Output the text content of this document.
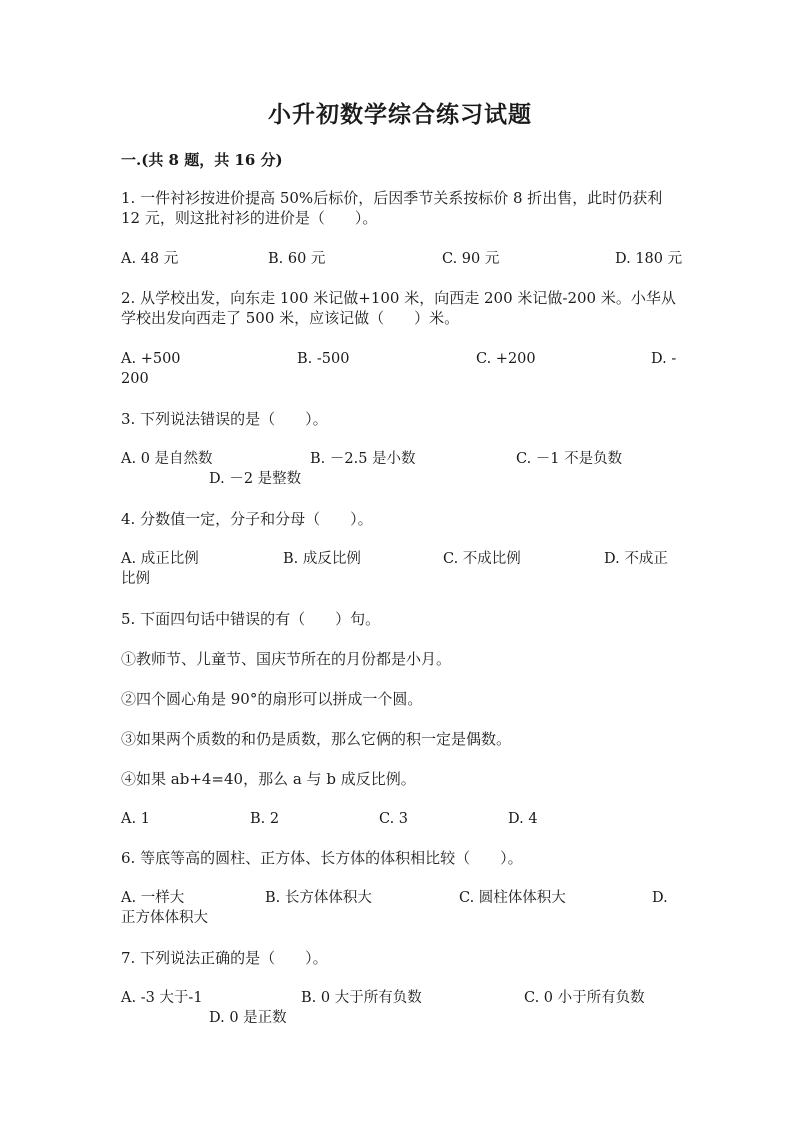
小升初数学综合练习试题
一.(共 8 题，共 16 分)
1. 一件衬衫按进价提高 50%后标价，后因季节关系按标价 8 折出售，此时仍获利 12 元，则这批衬衫的进价是（　　）。
A. 48 元	B. 60 元	C. 90 元	D. 180 元
2. 从学校出发，向东走 100 米记做+100 米，向西走 200 米记做-200 米。小华从学校出发向西走了 500 米，应该记做（　　）米。
A. +500	B. -500	C. +200	D. -
200
3. 下列说法错误的是（　　）。
A. 0 是自然数	B. －2.5 是小数	C. －1 不是负数
D. －2 是整数
4. 分数值一定，分子和分母（　　）。
A. 成正比例	B. 成反比例	C. 不成比例	D. 不成正
比例
5. 下面四句话中错误的有（　　）句。
①教师节、儿童节、国庆节所在的月份都是小月。
②四个圆心角是 90°的扇形可以拼成一个圆。
③如果两个质数的和仍是质数，那么它俩的积一定是偶数。
④如果 ab+4=40，那么 a 与 b 成反比例。
A. 1	B. 2	C. 3	D. 4
6. 等底等高的圆柱、正方体、长方体的体积相比较（　　）。
A. 一样大	B. 长方体体积大	C. 圆柱体体积大	D.
正方体体积大
7. 下列说法正确的是（　　）。
A. -3 大于-1	B. 0 大于所有负数	C. 0 小于所有负数
D. 0 是正数
